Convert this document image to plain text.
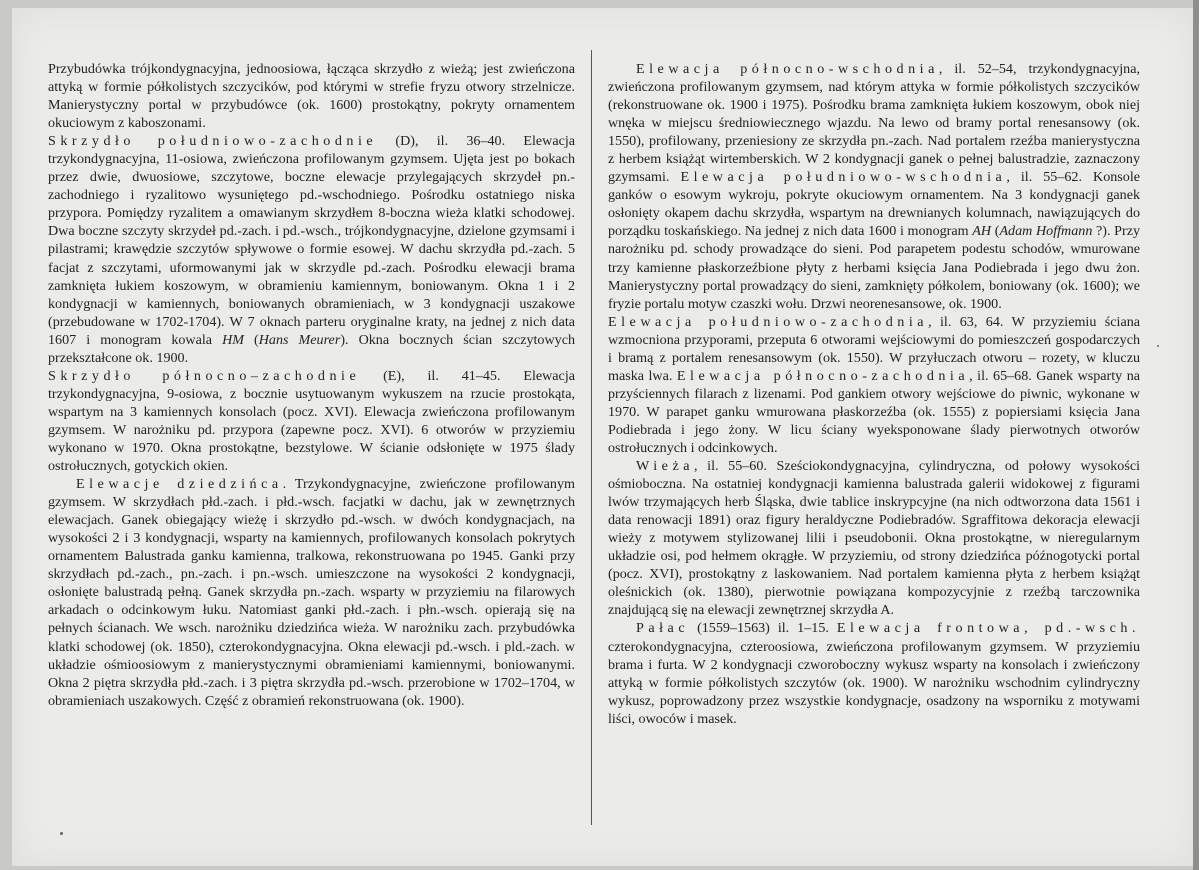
Przybudówka trójkondygnacyjna, jednoosiowa, łącząca skrzydło z wieżą; jest zwieńczona attyką w formie półkolistych szczycików, pod którymi w strefie fryzu otwory strzelnicze. Manierystyczny portal w przybudówce (ok. 1600) prostokątny, pokryty ornamentem okuciowym z kaboszonami.

Skrzydło południowo-zachodnie (D), il. 36–40. Elewacja trzykondygnacyjna, 11-osiowa, zwieńczona profilowanym gzymsem. Ujęta jest po bokach przez dwie, dwuosiowe, szczytowe, boczne elewacje przylegających skrzydeł pn.-zachodniego i ryzalitowo wysuniętego pd.-wschodniego. Pośrodku ostatniego niska przypora. Pomiędzy ryzalitem a omawianym skrzydłem 8-boczna wieża klatki schodowej. Dwa boczne szczyty skrzydeł pd.-zach. i pd.-wsch., trójkondygnacyjne, dzielone gzymsami i pilastrami; krawędzie szczytów spływowe o formie esowej. W dachu skrzydła pd.-zach. 5 facjat z szczytami, uformowanymi jak w skrzydle pd.-zach. Pośrodku elewacji brama zamknięta łukiem koszowym, w obramieniu kamiennym, boniowanym. Okna 1 i 2 kondygnacji w kamiennych, boniowanych obramieniach, w 3 kondygnacji uszakowe (przebudowane w 1702-1704). W 7 oknach parteru oryginalne kraty, na jednej z nich data 1607 i monogram kowala HM (Hans Meurer). Okna bocznych ścian szczytowych przekształcone ok. 1900.

Skrzydło północno–zachodnie (E), il. 41–45. Elewacja trzykondygnacyjna, 9-osiowa, z bocznie usytuowanym wykuszem na rzucie prostokąta, wspartym na 3 kamiennych konsolach (pocz. XVI). Elewacja zwieńczona profilowanym gzymsem. W narożniku pd. przypora (zapewne pocz. XVI). 6 otworów w przyziemiu wykonano w 1970. Okna prostokątne, bezstylowe. W ścianie odsłonięte w 1975 ślady ostrołucznych, gotyckich okien.

Elewacje dziedzińca. Trzykondygnacyjne, zwieńczone profilowanym gzymsem. W skrzydłach płd.-zach. i płd.-wsch. facjatki w dachu, jak w zewnętrznych elewacjach. Ganek obiegający wieżę i skrzydło pd.-wsch. w dwóch kondygnacjach, na wysokości 2 i 3 kondygnacji, wsparty na kamiennych, profilowanych konsolach pokrytych ornamentem Balustrada ganku kamienna, tralkowa, rekonstruowana po 1945. Ganki przy skrzydłach pd.-zach., pn.-zach. i pn.-wsch. umieszczone na wysokości 2 kondygnacji, osłonięte balustradą pełną. Ganek skrzydła pn.-zach. wsparty w przyziemiu na filarowych arkadach o odcinkowym łuku. Natomiast ganki płd.-zach. i płn.-wsch. opierają się na pełnych ścianach. We wsch. narożniku dziedzińca wieża. W narożniku zach. przybudówka klatki schodowej (ok. 1850), czterokondygnacyjna. Okna elewacji pd.-wsch. i pld.-zach. w układzie ośmioosiowym z manierystycznymi obramieniami kamiennymi, boniowanymi. Okna 2 piętra skrzydła płd.-zach. i 3 piętra skrzydła pd.-wsch. przerobione w 1702–1704, w obramieniach uszakowych. Część z obramień rekonstruowana (ok. 1900).

Elewacja północno-wschodnia, il. 52–54, trzykondygnacyjna, zwieńczona profilowanym gzymsem, nad którym attyka w formie półkolistych szczycików (rekonstruowane ok. 1900 i 1975). Pośrodku brama zamknięta łukiem koszowym, obok niej wnęka w miejscu średniowiecznego wjazdu. Na lewo od bramy portal renesansowy (ok. 1550), profilowany, przeniesiony ze skrzydła pn.-zach. Nad portalem rzeźba manierystyczna z herbem książąt wirtemberskich. W 2 kondygnacji ganek o pełnej balustradzie, zaznaczony gzymsami. Elewacja południowo-wschodnia, il. 55–62. Konsole ganków o esowym wykroju, pokryte okuciowym ornamentem. Na 3 kondygnacji ganek osłonięty okapem dachu skrzydła, wspartym na drewnianych kolumnach, nawiązujących do porządku toskańskiego. Na jednej z nich data 1600 i monogram AH (Adam Hoffmann ?). Przy narożniku pd. schody prowadzące do sieni. Pod parapetem podestu schodów, wmurowane trzy kamienne płaskorzeźbione płyty z herbami księcia Jana Podiebrada i jego dwu żon. Manierystyczny portal prowadzący do sieni, zamknięty półkolem, boniowany (ok. 1600); we fryzie portalu motyw czaszki wołu. Drzwi neorenesansowe, ok. 1900.

Elewacja południowo-zachodnia, il. 63, 64. W przyziemiu ściana wzmocniona przyporami, przeputa 6 otworami wejściowymi do pomieszczeń gospodarczych i bramą z portalem renesansowym (ok. 1550). W przyłuczach otworu – rozety, w kluczu maska lwa. Elewacja północno-zachodnia, il. 65–68. Ganek wsparty na przyściennych filarach z lizenami. Pod gankiem otwory wejściowe do piwnic, wykonane w 1970. W parapet ganku wmurowana płaskorzeźba (ok. 1555) z popiersiami księcia Jana Podiebrada i jego żony. W licu ściany wyeksponowane ślady pierwotnych otworów ostrołucznych i odcinkowych.

Wieża, il. 55–60. Sześciokondygnacyjna, cylindryczna, od połowy wysokości ośmioboczna. Na ostatniej kondygnacji kamienna balustrada galerii widokowej z figurami lwów trzymających herb Śląska, dwie tablice inskrypcyjne (na nich odtworzona data 1561 i data renowacji 1891) oraz figury heraldyczne Podiebradów. Sgraffitowa dekoracja elewacji wieży z motywem stylizowanej lilii i pseudobonii. Okna prostokątne, w nieregularnym układzie osi, pod hełmem okrągłe. W przyziemiu, od strony dziedzińca późnogotycki portal (pocz. XVI), prostokątny z laskowaniem. Nad portalem kamienna płyta z herbem książąt oleśnickich (ok. 1380), pierwotnie powiązana kompozycyjnie z rzeźbą tarczownika znajdującą się na elewacji zewnętrznej skrzydła A.

Pałac (1559–1563) il. 1–15. Elewacja frontowa, pd.-wsch. czterokondygnacyjna, czteroosiowa, zwieńczona profilowanym gzymsem. W przyziemiu brama i furta. W 2 kondygnacji czworoboczny wykusz wsparty na konsolach i zwieńczony attyką w formie półkolistych szczytów (ok. 1900). W narożniku wschodnim cylindryczny wykusz, poprowadzony przez wszystkie kondygnacje, osadzony na wsporniku z motywami liści, owoców i masek.
